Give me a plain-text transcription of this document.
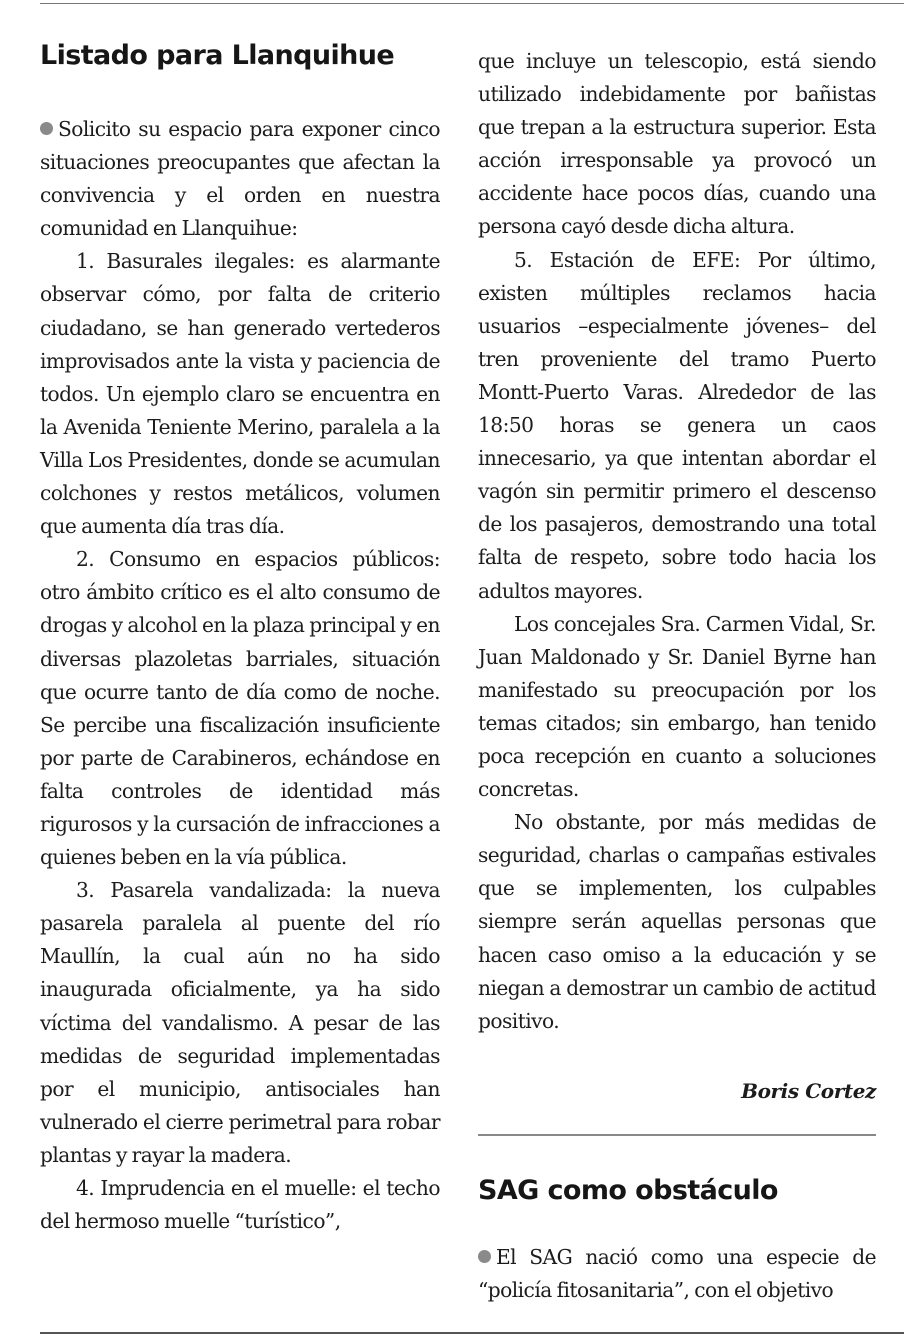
Listado para Llanquihue

Solicito su espacio para exponer cinco situaciones preocupantes que afectan la convivencia y el orden en nuestra comunidad en Llanquihue:

1. Basurales ilegales: es alarmante observar cómo, por falta de criterio ciudadano, se han generado vertederos improvisados ante la vista y paciencia de todos. Un ejemplo claro se encuentra en la Avenida Teniente Merino, paralela a la Villa Los Presidentes, donde se acumulan colchones y restos metálicos, volumen que aumenta día tras día.

2. Consumo en espacios públicos: otro ámbito crítico es el alto consumo de drogas y alcohol en la plaza principal y en diversas plazoletas barriales, situación que ocurre tanto de día como de noche. Se percibe una fiscalización insuficiente por parte de Carabineros, echándose en falta controles de identidad más rigurosos y la cursación de infracciones a quienes beben en la vía pública.

3. Pasarela vandalizada: la nueva pasarela paralela al puente del río Maullín, la cual aún no ha sido inaugurada oficialmente, ya ha sido víctima del vandalismo. A pesar de las medidas de seguridad implementadas por el municipio, antisociales han vulnerado el cierre perimetral para robar plantas y rayar la madera.

4. Imprudencia en el muelle: el techo del hermoso muelle “turístico”,

que incluye un telescopio, está siendo utilizado indebidamente por bañistas que trepan a la estructura superior. Esta acción irresponsable ya provocó un accidente hace pocos días, cuando una persona cayó desde dicha altura.

5. Estación de EFE: Por último, existen múltiples reclamos hacia usuarios –especialmente jóvenes– del tren proveniente del tramo Puerto Montt-Puerto Varas. Alrededor de las 18:50 horas se genera un caos innecesario, ya que intentan abordar el vagón sin permitir primero el descenso de los pasajeros, demostrando una total falta de respeto, sobre todo hacia los adultos mayores.

Los concejales Sra. Carmen Vidal, Sr. Juan Maldonado y Sr. Daniel Byrne han manifestado su preocupación por los temas citados; sin embargo, han tenido poca recepción en cuanto a soluciones concretas.

No obstante, por más medidas de seguridad, charlas o campañas estivales que se implementen, los culpables siempre serán aquellas personas que hacen caso omiso a la educación y se niegan a demostrar un cambio de actitud positivo.

Boris Cortez
SAG como obstáculo

El SAG nació como una especie de “policía fitosanitaria”, con el objetivo
